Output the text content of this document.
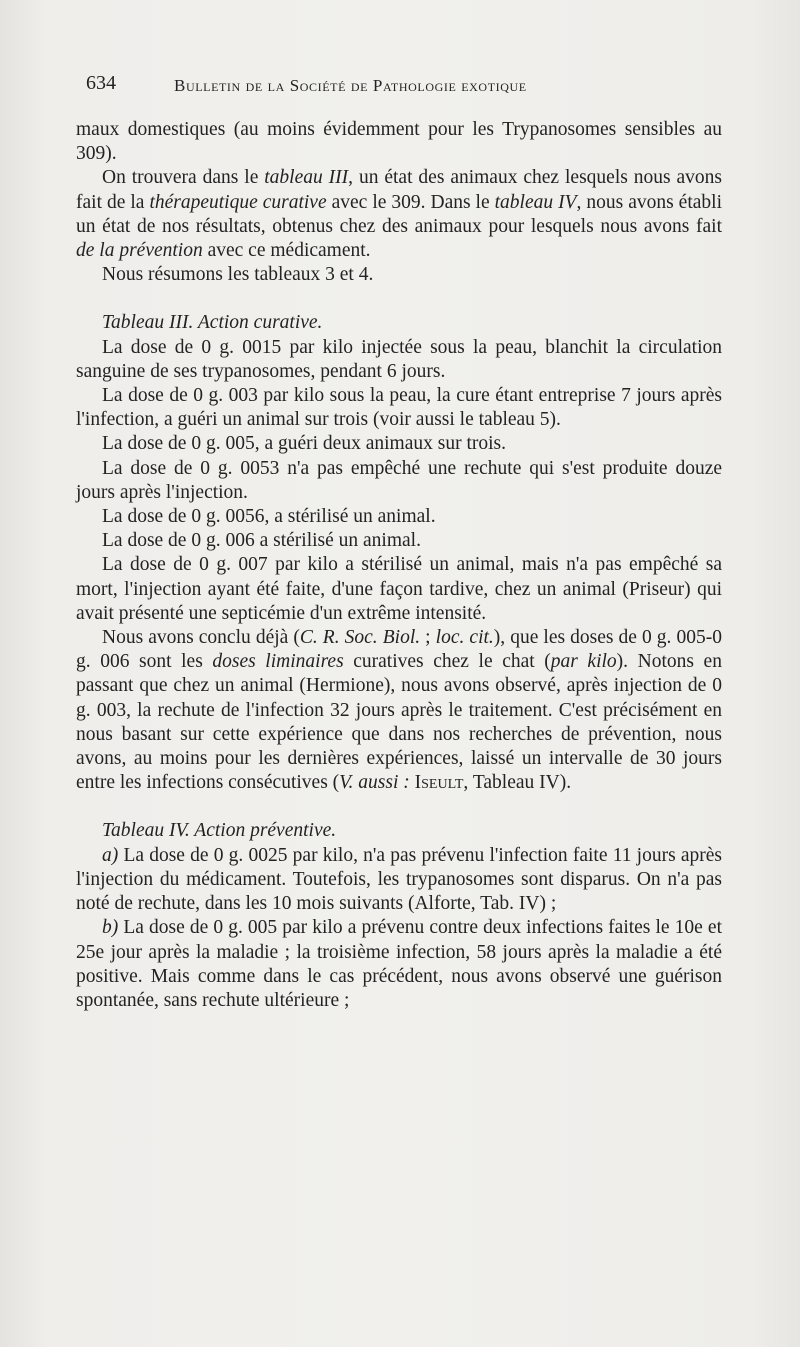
634	Bulletin de la Société de Pathologie exotique

maux domestiques (au moins évidemment pour les Trypanosomes sensibles au 309).

On trouvera dans le tableau III, un état des animaux chez lesquels nous avons fait de la thérapeutique curative avec le 309. Dans le tableau IV, nous avons établi un état de nos résultats, obtenus chez des animaux pour lesquels nous avons fait de la prévention avec ce médicament.

Nous résumons les tableaux 3 et 4.

Tableau III. Action curative.

La dose de 0 g. 0015 par kilo injectée sous la peau, blanchit la circulation sanguine de ses trypanosomes, pendant 6 jours.

La dose de 0 g. 003 par kilo sous la peau, la cure étant entreprise 7 jours après l'infection, a guéri un animal sur trois (voir aussi le tableau 5).

La dose de 0 g. 005, a guéri deux animaux sur trois.

La dose de 0 g. 0053 n'a pas empêché une rechute qui s'est produite douze jours après l'injection.

La dose de 0 g. 0056, a stérilisé un animal.

La dose de 0 g. 006 a stérilisé un animal.

La dose de 0 g. 007 par kilo a stérilisé un animal, mais n'a pas empêché sa mort, l'injection ayant été faite, d'une façon tardive, chez un animal (Priseur) qui avait présenté une septicémie d'un extrême intensité.

Nous avons conclu déjà (C. R. Soc. Biol. ; loc. cit.), que les doses de 0 g. 005-0 g. 006 sont les doses liminaires curatives chez le chat (par kilo). Notons en passant que chez un animal (Hermione), nous avons observé, après injection de 0 g. 003, la rechute de l'infection 32 jours après le traitement. C'est précisément en nous basant sur cette expérience que dans nos recherches de prévention, nous avons, au moins pour les dernières expériences, laissé un intervalle de 30 jours entre les infections consécutives (V. aussi : Iseult, Tableau IV).

Tableau IV. Action préventive.

a) La dose de 0 g. 0025 par kilo, n'a pas prévenu l'infection faite 11 jours après l'injection du médicament. Toutefois, les trypanosomes sont disparus. On n'a pas noté de rechute, dans les 10 mois suivants (Alforte, Tab. IV) ;

b) La dose de 0 g. 005 par kilo a prévenu contre deux infections faites le 10e et 25e jour après la maladie ; la troisième infection, 58 jours après la maladie a été positive. Mais comme dans le cas précédent, nous avons observé une guérison spontanée, sans rechute ultérieure ;
